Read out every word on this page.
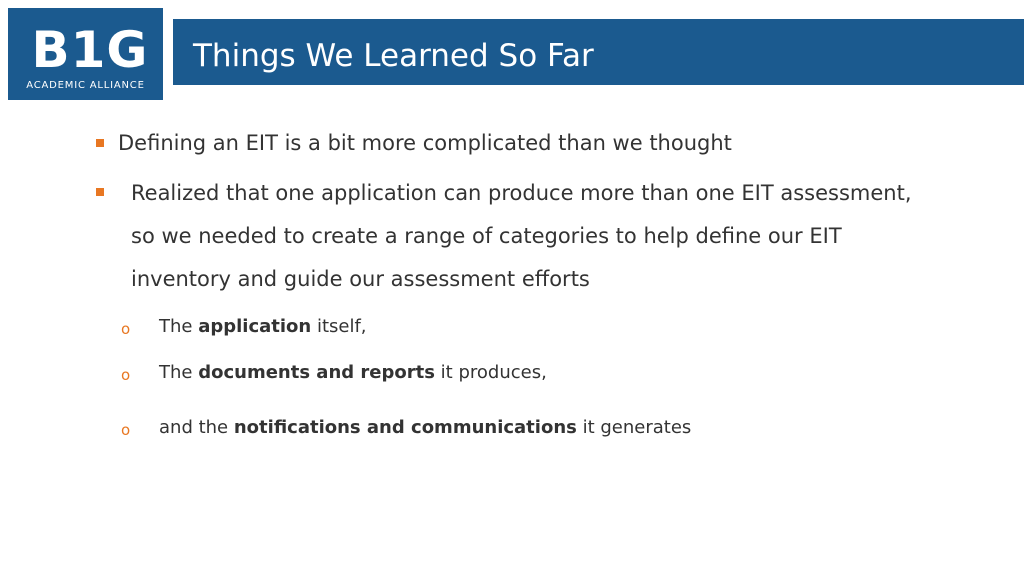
B1G
ACADEMIC ALLIANCE
Things We Learned So Far
Defining an EIT is a bit more complicated than we thought
Realized that one application can produce more than one EIT assessment,
so we needed to create a range of categories to help define our EIT
inventory and guide our assessment efforts
o The application itself,
o The documents and reports it produces,
o and the notifications and communications it generates
